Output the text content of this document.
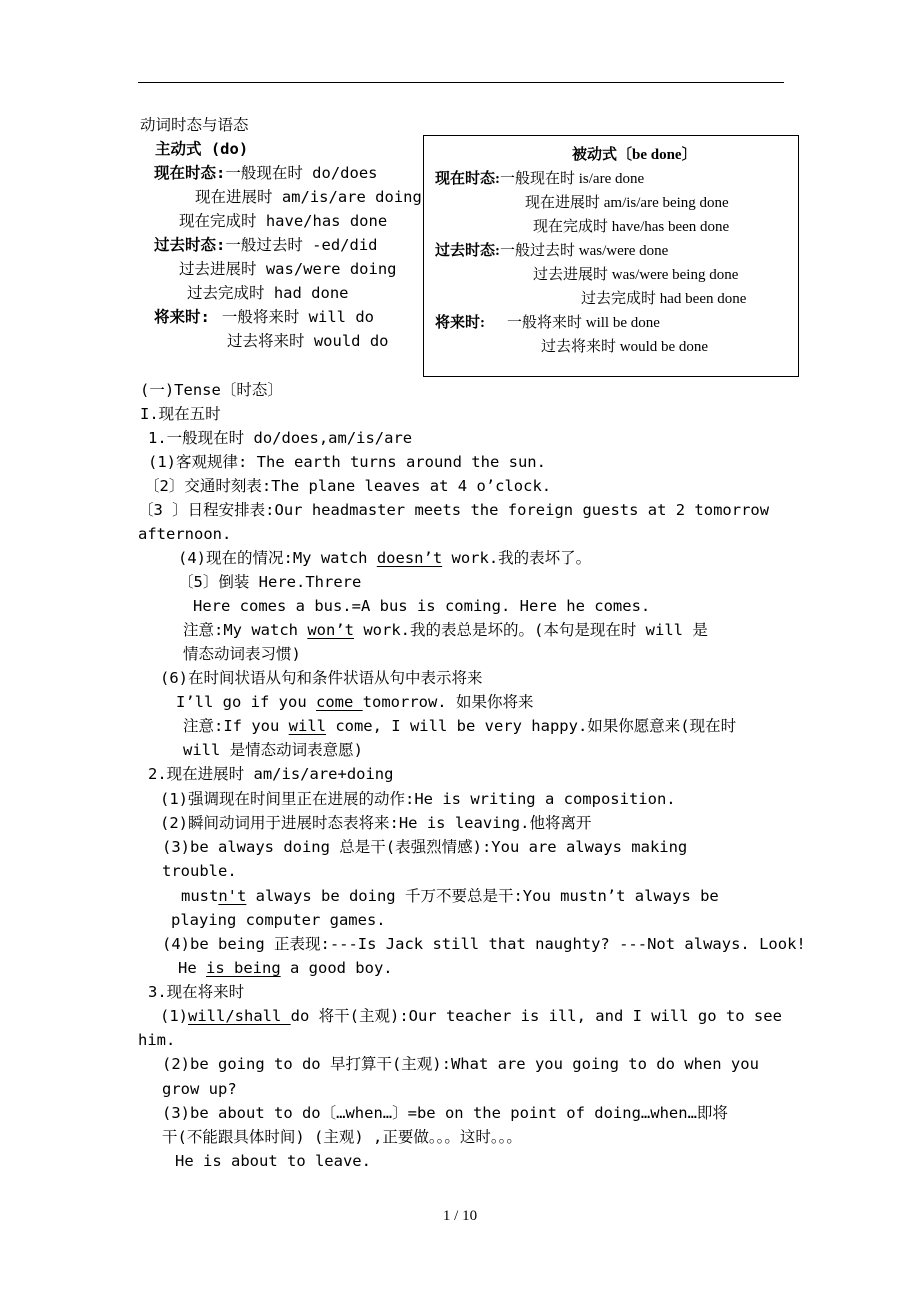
动词时态与语态
主动式 (do)
现在时态:一般现在时 do/does
现在进展时 am/is/are doing
现在完成时 have/has done
过去时态:一般过去时 -ed/did
过去进展时 was/were doing
过去完成时 had done
将来时: 一般将来时 will do
过去将来时 would do
被动式〔be done〕
现在时态:一般现在时 is/are done
现在进展时 am/is/are being done
现在完成时 have/has been done
过去时态:一般过去时 was/were done
过去进展时 was/were being done
过去完成时 had been done
将来时: 一般将来时 will be done
过去将来时 would be done
(一)Tense〔时态〕
I.现在五时
1.一般现在时 do/does,am/is/are
(1)客观规律: The earth turns around the sun.
〔2〕交通时刻表:The plane leaves at 4 o’clock.
〔3 〕日程安排表:Our headmaster meets the foreign guests at 2 tomorrow
afternoon.
(4)现在的情况:My watch doesn’t work.我的表坏了。
〔5〕倒装 Here.Threre
Here comes a bus.=A bus is coming. Here he comes.
注意:My watch won’t work.我的表总是坏的。(本句是现在时 will 是
情态动词表习惯)
(6)在时间状语从句和条件状语从句中表示将来
I’ll go if you come tomorrow. 如果你将来
注意:If you will come, I will be very happy.如果你愿意来(现在时
will 是情态动词表意愿)
2.现在进展时 am/is/are+doing
(1)强调现在时间里正在进展的动作:He is writing a composition.
(2)瞬间动词用于进展时态表将来:He is leaving.他将离开
(3)be always doing 总是干(表强烈情感):You are always making
trouble.
mustn't always be doing 千万不要总是干:You mustn’t always be
playing computer games.
(4)be being 正表现:---Is Jack still that naughty? ---Not always. Look!
He is being a good boy.
3.现在将来时
(1)will/shall do 将干(主观):Our teacher is ill, and I will go to see
him.
(2)be going to do 早打算干(主观):What are you going to do when you
grow up?
(3)be about to do〔…when…〕=be on the point of doing…when…即将
干(不能跟具体时间) (主观) ,正要做。。。这时。。。
He is about to leave.
1 / 10
